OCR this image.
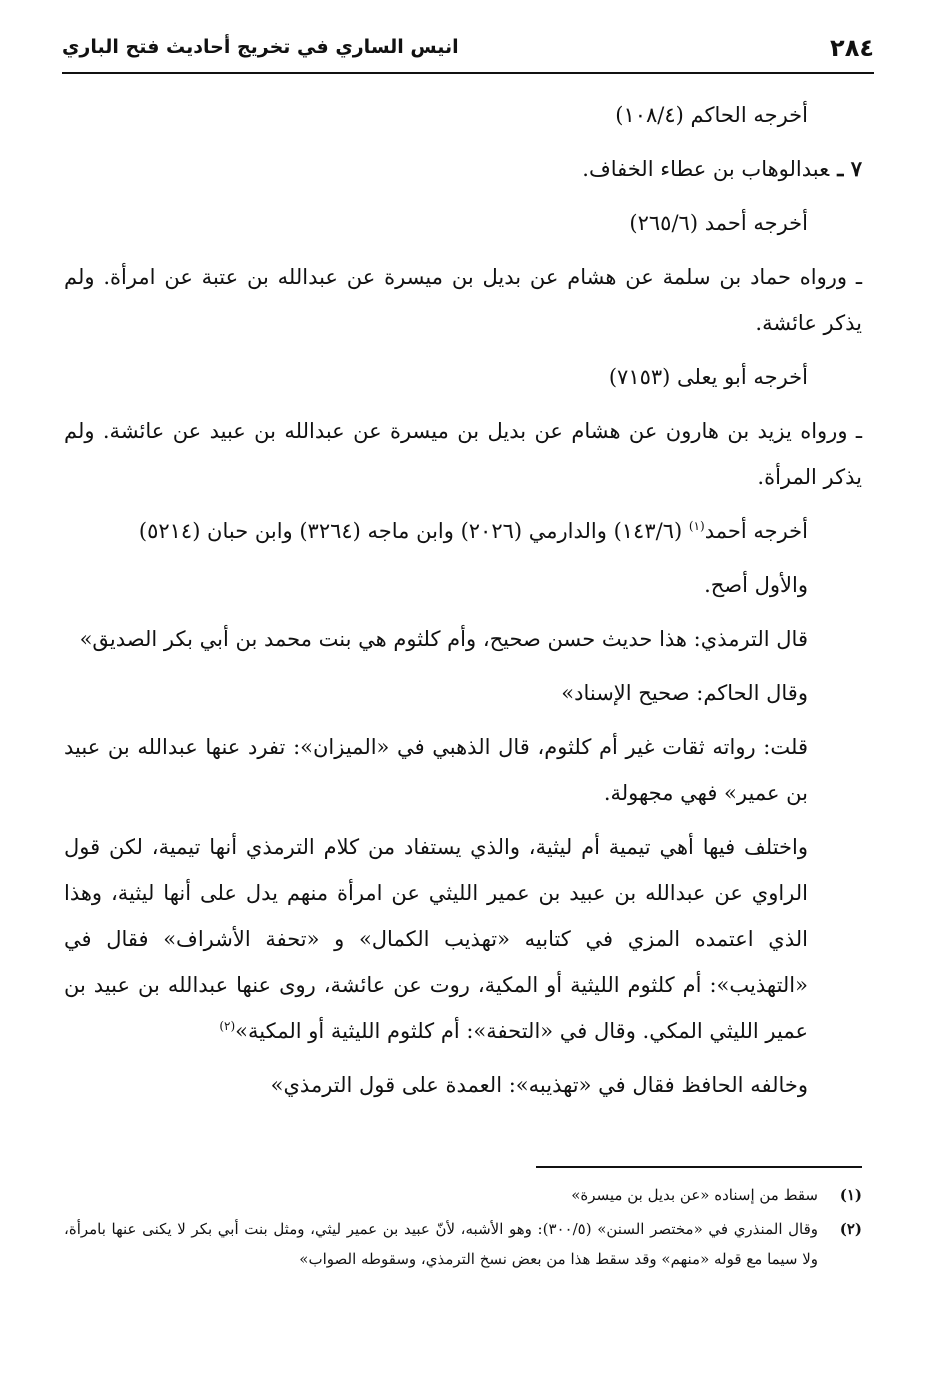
٢٨٤
انيس الساري في تخريج أحاديث فتح الباري

أخرجه الحاكم (١٠٨/٤)

٧ ـعبدالوهاب بن عطاء الخفاف.

أخرجه أحمد (٢٦٥/٦)

ـ ورواه حماد بن سلمة عن هشام عن بديل بن ميسرة عن عبدالله بن عتبة عن امرأة. ولم يذكر عائشة.

أخرجه أبو يعلى (٧١٥٣)

ـ ورواه يزيد بن هارون عن هشام عن بديل بن ميسرة عن عبدالله بن عبيد عن عائشة. ولم يذكر المرأة.

أخرجه أحمد$^{(١)}$ (١٤٣/٦) والدارمي (٢٠٢٦) وابن ماجه (٣٢٦٤) وابن حبان (٥٢١٤)

والأول أصح.

قال الترمذي: هذا حديث حسن صحيح، وأم كلثوم هي بنت محمد بن أبي بكر الصديق»

وقال الحاكم: صحيح الإسناد»

قلت: رواته ثقات غير أم كلثوم، قال الذهبي في «الميزان»: تفرد عنها عبدالله بن عبيد بن عمير» فهي مجهولة.

واختلف فيها أهي تيمية أم ليثية، والذي يستفاد من كلام الترمذي أنها تيمية، لكن قول الراوي عن عبدالله بن عبيد بن عمير الليثي عن امرأة منهم يدل على أنها ليثية، وهذا الذي اعتمده المزي في كتابيه «تهذيب الكمال» و «تحفة الأشراف» فقال في «التهذيب»: أم كلثوم الليثية أو المكية، روت عن عائشة، روى عنها عبدالله بن عبيد بن عمير الليثي المكي. وقال في «التحفة»: أم كلثوم الليثية أو المكية»$^{(٢)}$

وخالفه الحافظ فقال في «تهذيبه»: العمدة على قول الترمذي»

(١)
سقط من إسناده «عن بديل بن ميسرة»
(٢)
وقال المنذري في «مختصر السنن» (٣٠٠/٥): وهو الأشبه، لأنّ عبيد بن عمير ليثي، ومثل بنت أبي بكر لا يكنى عنها بامرأة، ولا سيما مع قوله «منهم» وقد سقط هذا من بعض نسخ الترمذي، وسقوطه الصواب»
